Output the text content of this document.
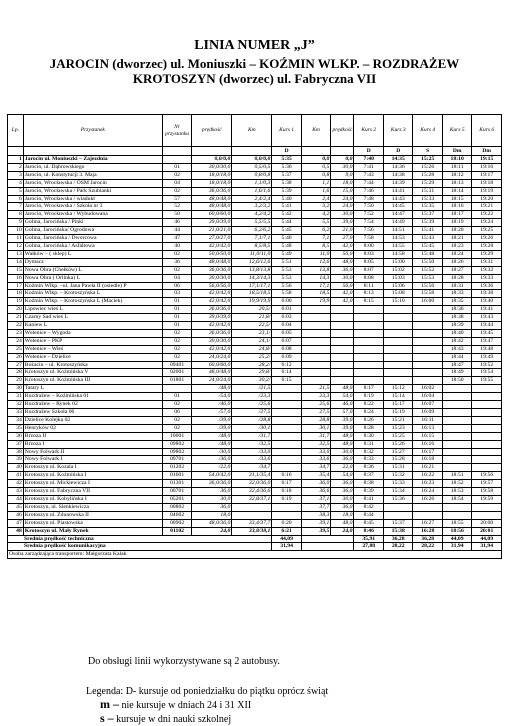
LINIA NUMER „J”
JAROCIN (dworzec) ul. Moniuszki – KOŹMIN WLKP. – ROZDRAŻEW
KROTOSZYN (dworzec) ul. Fabryczna VII
Lp.	Przystanek	Nr przystanku	prędkość	Km	Kurs 1	Km	prędkość	Kurs 2	Kurs 3	Kurs 4	Kurs 5	Kurs 6
					D			D	D	S	Dm	Dm
1	Jarocin ul. Moniuszki – Zajezdnia		0,0/0,0	0,0/0,0	5:35	0,0	0,0	7:40	14:35	15:25	18:10	19:15
2	Jarocin, ul. Dąbrowskiego	01	30,0/30,0	0,5/0,5	5:36	0,5	30,0	7:41	14:36	15:26	18:11	19:16
3	Jarocin, ul. Konstytucji 3. Maja	02	18,0/18,0	0,8/0,8	5:37	0,8	9,0	7:43	14:38	15:28	18:12	19:17
4	Jarocin, Wrocławska / OSM Jarocin	04	18,0/18,0	1,1/0,3	5:38	1,1	18,0	7:44	14:39	15:29	18:13	19:18
5	Jarocin, Wrocławska / Park Szubianki	02	36,0/36,0	1,6/1,6	5:39	1,6	15,0	7:46	14:41	15:31	18:14	19:19
6	Jarocin, Wrocławska / wiadukt	57	48,0/48,0	2,4/2,4	5:40	2,4	24,0	7:48	14:43	15:33	18:15	19:20
7	Jarocin, Wrocławska / Szkoła nr 3	52	48,0/48,0	3,2/3,2	5:41	3,2	24,0	7:50	14:45	15:35	18:16	19:21
8	Jarocin, Wrocławska / Wybudowana	50	60,0/60,0	4,2/4,2	5:42	4,2	30,0	7:52	14:47	15:37	18:17	19:22
9	Golina, Jarocińska / Pinki	46	39,0/39,0	5,5/5,5	5:44	5,5	39,0	7:54	14:49	15:39	18:19	19:24
10	Golina, Jarocińska/ Ogrodowa	44	21,0/21,0	6,2/6,2	5:45	6,2	21,0	7:56	14:51	15:41	18:20	19:25
11	Golina, Jarocińska / Dworcowa	47	27,0/27,0	7,1/7,1	5:46	7,1	27,0	7:58	14:53	15:43	18:21	19:26
12	Golina, Jarocińska / Asfaltowa	40	42,0/42,0	8,5/8,5	5:48	8,5	42,0	8:00	14:55	15:45	18:23	19:28
13	Wałków – ( sklep) L	02	50,0/50,0	11,0/11,0	5:49	11,0	50,0	8:03	14:58	15:48	18:24	19:29
14	Dymacz	36	48,0/48,0	12,6/12,6	5:51	12,6	48,0	8:05	15:00	15:50	18:26	19:31
15	Nowa Obra (Chełków) L	02	36,0/36,0	13,8/13,8	5:53	13,8	36,0	8:07	15:02	15:52	18:27	19:32
16	Nowa Obra ( Orlinka) L	04	30,0/30,0	14,3/14,3	5:53	14,3	30,0	8:08	15:03	15:53	18:28	19:33
17	Koźmin Wlkp. –ul. Jana Pawła II (osiedle) P	06	56,0/56,0	17,1/17,1	5:56	17,1	56,0	8:11	15:06	15:56	18:31	19:36
18	Koźmin Wlkp. – Krotoszyńska L	03	42,0/42,0	18,5/18,5	5:58	18,5	42,0	8:13	15:08	15:58	18:33	19:38
19	Koźmin Wlkp. – Krotoszyńska L (Maciek)	01	42,0/42,0	19,9/19,9	6:00	19,9	42,0	8:15	15:10	16:00	18:35	19:40
20	Lipowiec wieś L	01	36,0/36,0	20,5/	6:01						18:36	19:41
21	Czarny Sad wieś L	01	39,0/39,0	21,8/	6:03						18:38	19:43
22	Kaniew L	01	42,0/42,0	22,5/	6:04						18:39	19:44
23	Wolenice – Wygoda	02	36,0/36,0	23,1/	6:05						18:40	19:45
24	Wolenice – PKP	02	30,0/30,0	24,1/	6:07						18:42	19:47
25	Wolenice – Wieś	02	42,0/42,0	24,8/	6:08						18:43	19:48
26	Wolenice – Dzielice	02	24,0/24,0	25,2/	6:09						18:44	19:49
27	Bożacin – ul. Krotoszyńska	09401	60,0/60,0	28,2/	6:12						18:47	19:52
28	Krotoszyn ul. Koźmińska V	02001	48,0/48,0	29,8/	6:14						18:49	19:54
29	Krotoszyn ul. Koźmińska III	01801	24,0/24,0	30,2/	6:15						18:50	19:55
30	Tatary L		/48,0	/21,5		21,5	48,0	8:17	15:12	16:02		
31	Rozdrażew – Koźmińska 01	01	/54,0	/23,3		23,3	54,0	8:19	15:14	16:04		
32	Rozdrażew – Rynek 02	02	/46,0	/25,6		25,6	46,0	8:22	15:17	16:07		
33	Rozdrażew Szkoła 06	06	/57,0	/27,5		27,5	57,0	8:24	15:19	16:09		
34	Dzielice Kolejka 02	02	/39,0	/28,8		28,8	39,0	8:26	15:21	16:11		
35	Henryków 02	02	/39,0	/30,1		30,1	39,0	8:28	15:23	16:13		
36	Brzoza II	10001	/48,0	/31,7		31,7	48,0	8:30	15:25	16:15		
37	Brzoza I	09802	/48,0	/32,5		32,5	48,0	8:31	15:26	16:16		
38	Nowy Folwark II	09802	/30,0	/33,0		33,0	30,0	8:32	15:27	16:17		
39	Nowy Folwark I	09701	/36,0	/33,6		33,6	36,0	8:33	15:28	16:18		
40	Krotoszyn ul. Kozala I	01202	/22,0	/34,7		34,7	22,0	8:36	15:31	16:21		
41	Krotoszyn ul. Koźmińska I	01601	54,0/42,0	31,1/35,4	6:16	35,4	54,0	8:37	15:32	16:22	18:51	19:56
42	Krotoszyn ul. Mickiewicza I	01301	36,0/36,0	32,0/36,0	6:17	36,0	36,0	8:38	15:33	16:23	18:52	19:57
43	Krotoszyn ul. Fabryczna VII	00701	36,0	32,4/36,6	6:18	36,6	36,0	8:39	15:34	16:24	18:53	19:58
44	Krotoszyn ul. Kobylińska I	05201	30,0	32,8/37,1	6:19	37,1	30,0	8:41	15:36	16:26	18:54	19:59
45	Krotoszyn, ul. Sienkiewicza	00802	36,0			37,7	36,0	8:42				
46	Krotoszyn ul. Zdunowska II	04602	18,0			38,3	18,0	8:44				
47	Krotoszyn ul. Piastowska	00902	48,0/36,0	33,4/37,7	6:20	39,1	48,0	8:45	15:37	16:27	18:55	20:00
48	Krotoszyn ul. Mały Rynek	01102	24,0	33,8/38,1	6:21	39,5	24,0	8:46	15:38	16:28	18:56	20:01
Średnia prędkość techniczna					44,09			35,91	36,28	36,28	44,09	44,09
Średnia prędkość komunikacyjna					31,94			27,88	28,22	28,22	31,94	31,94
Osoba zarządzająca transportem: Małgorzata Kalak												
Do obsługi linii wykorzystywane są 2 autobusy.
Legenda: D- kursuje od poniedziałku do piątku oprócz świąt
m – nie kursuje w dniach 24 i 31 XII
s – kursuje w dni nauki szkolnej
